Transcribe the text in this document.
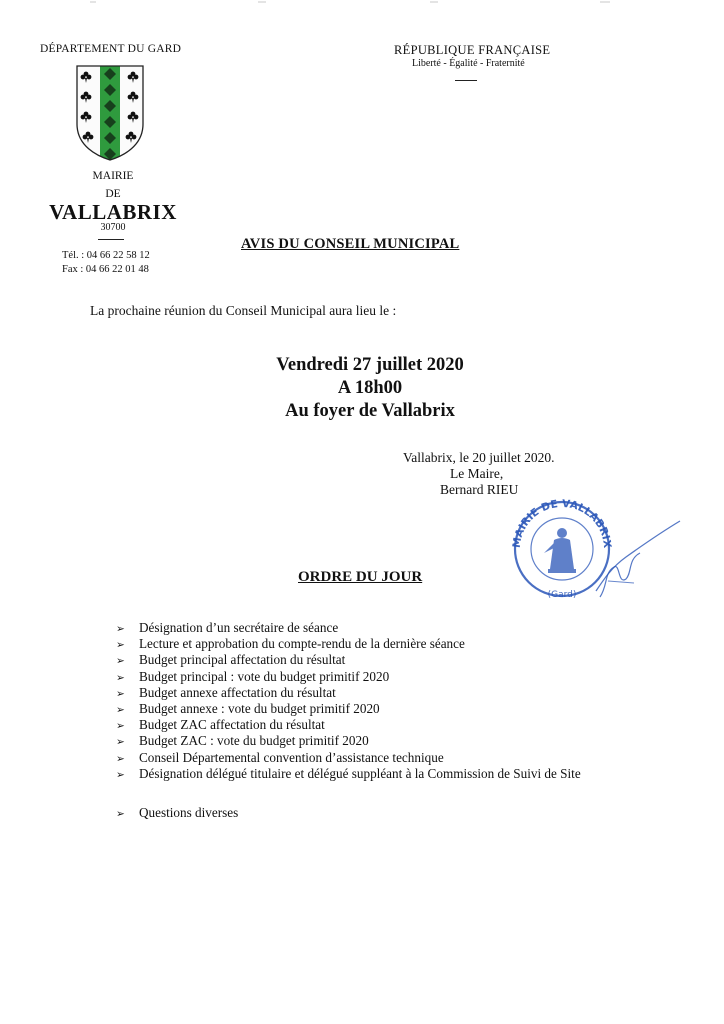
DÉPARTEMENT DU GARD	RÉPUBLIQUE FRANÇAISE
Liberté - Égalité - Fraternité
MAIRIE
DE
VALLABRIX
30700
Tél. : 04 66 22 58 12
Fax : 04 66 22 01 48
AVIS DU CONSEIL MUNICIPAL
La prochaine réunion du Conseil Municipal aura lieu le :
Vendredi 27 juillet 2020
A 18h00
Au foyer de Vallabrix
Vallabrix, le 20 juillet 2020.
Le Maire,
Bernard RIEU
MAIRIE DE VALLABRIX
(Gard)
ORDRE DU JOUR
➢ Désignation d’un secrétaire de séance
➢ Lecture et approbation du compte-rendu de la dernière séance
➢ Budget principal affectation du résultat
➢ Budget principal : vote du budget primitif 2020
➢ Budget annexe affectation du résultat
➢ Budget annexe : vote du budget primitif 2020
➢ Budget ZAC affectation du résultat
➢ Budget ZAC : vote du budget primitif 2020
➢ Conseil Départemental convention d’assistance technique
➢ Désignation délégué titulaire et délégué suppléant à la Commission de Suivi de Site
➢ Questions diverses
